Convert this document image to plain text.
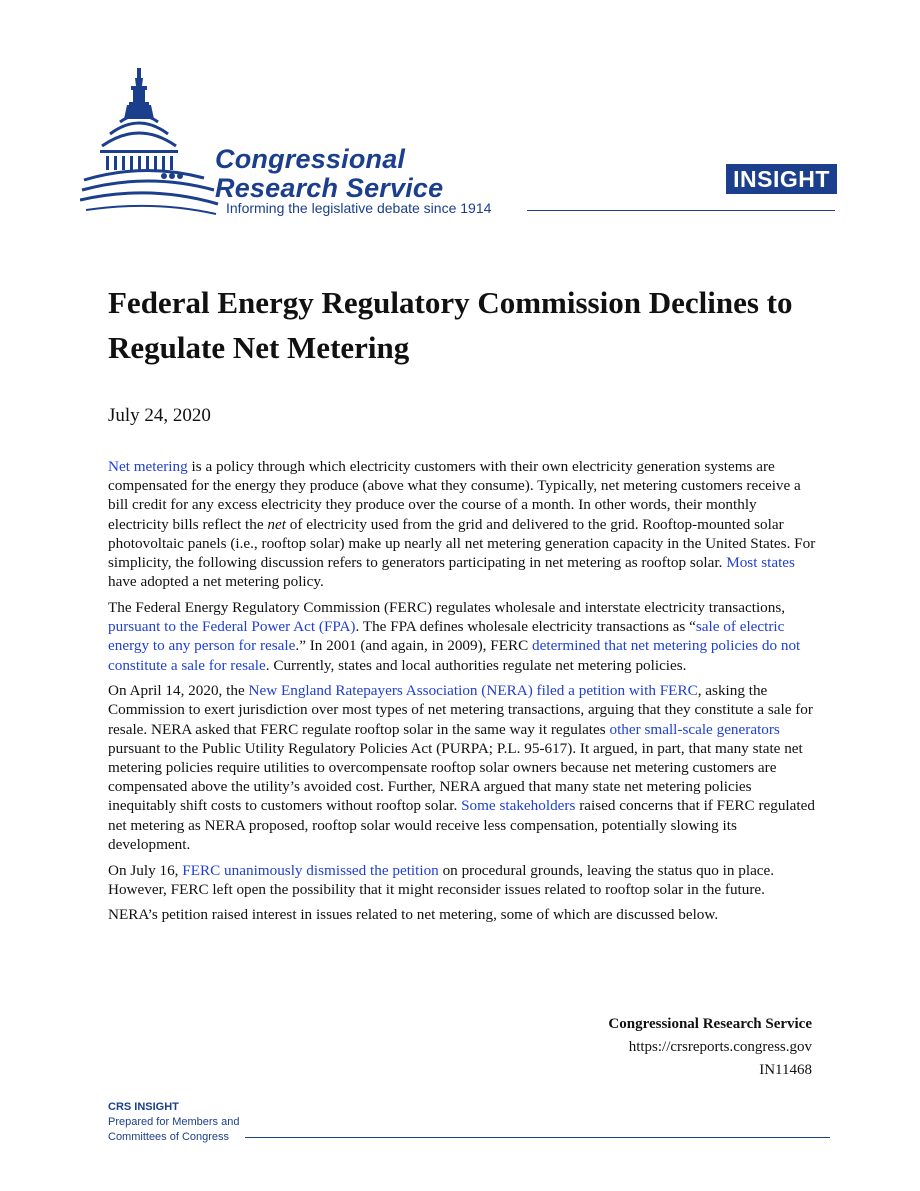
Congressional
Research Service
Informing the legislative debate since 1914
INSIGHT
Federal Energy Regulatory Commission Declines to Regulate Net Metering
July 24, 2020

Net metering is a policy through which electricity customers with their own electricity generation systems are compensated for the energy they produce (above what they consume). Typically, net metering customers receive a bill credit for any excess electricity they produce over the course of a month. In other words, their monthly electricity bills reflect the net of electricity used from the grid and delivered to the grid. Rooftop-mounted solar photovoltaic panels (i.e., rooftop solar) make up nearly all net metering generation capacity in the United States. For simplicity, the following discussion refers to generators participating in net metering as rooftop solar. Most states have adopted a net metering policy.

The Federal Energy Regulatory Commission (FERC) regulates wholesale and interstate electricity transactions, pursuant to the Federal Power Act (FPA). The FPA defines wholesale electricity transactions as “sale of electric energy to any person for resale.” In 2001 (and again, in 2009), FERC determined that net metering policies do not constitute a sale for resale. Currently, states and local authorities regulate net metering policies.

On April 14, 2020, the New England Ratepayers Association (NERA) filed a petition with FERC, asking the Commission to exert jurisdiction over most types of net metering transactions, arguing that they constitute a sale for resale. NERA asked that FERC regulate rooftop solar in the same way it regulates other small-scale generators pursuant to the Public Utility Regulatory Policies Act (PURPA; P.L. 95-617). It argued, in part, that many state net metering policies require utilities to overcompensate rooftop solar owners because net metering customers are compensated above the utility’s avoided cost. Further, NERA argued that many state net metering policies inequitably shift costs to customers without rooftop solar. Some stakeholders raised concerns that if FERC regulated net metering as NERA proposed, rooftop solar would receive less compensation, potentially slowing its development.

On July 16, FERC unanimously dismissed the petition on procedural grounds, leaving the status quo in place. However, FERC left open the possibility that it might reconsider issues related to rooftop solar in the future.

NERA’s petition raised interest in issues related to net metering, some of which are discussed below.

Congressional Research Service
https://crsreports.congress.gov
IN11468
CRS INSIGHT
Prepared for Members and
Committees of Congress
